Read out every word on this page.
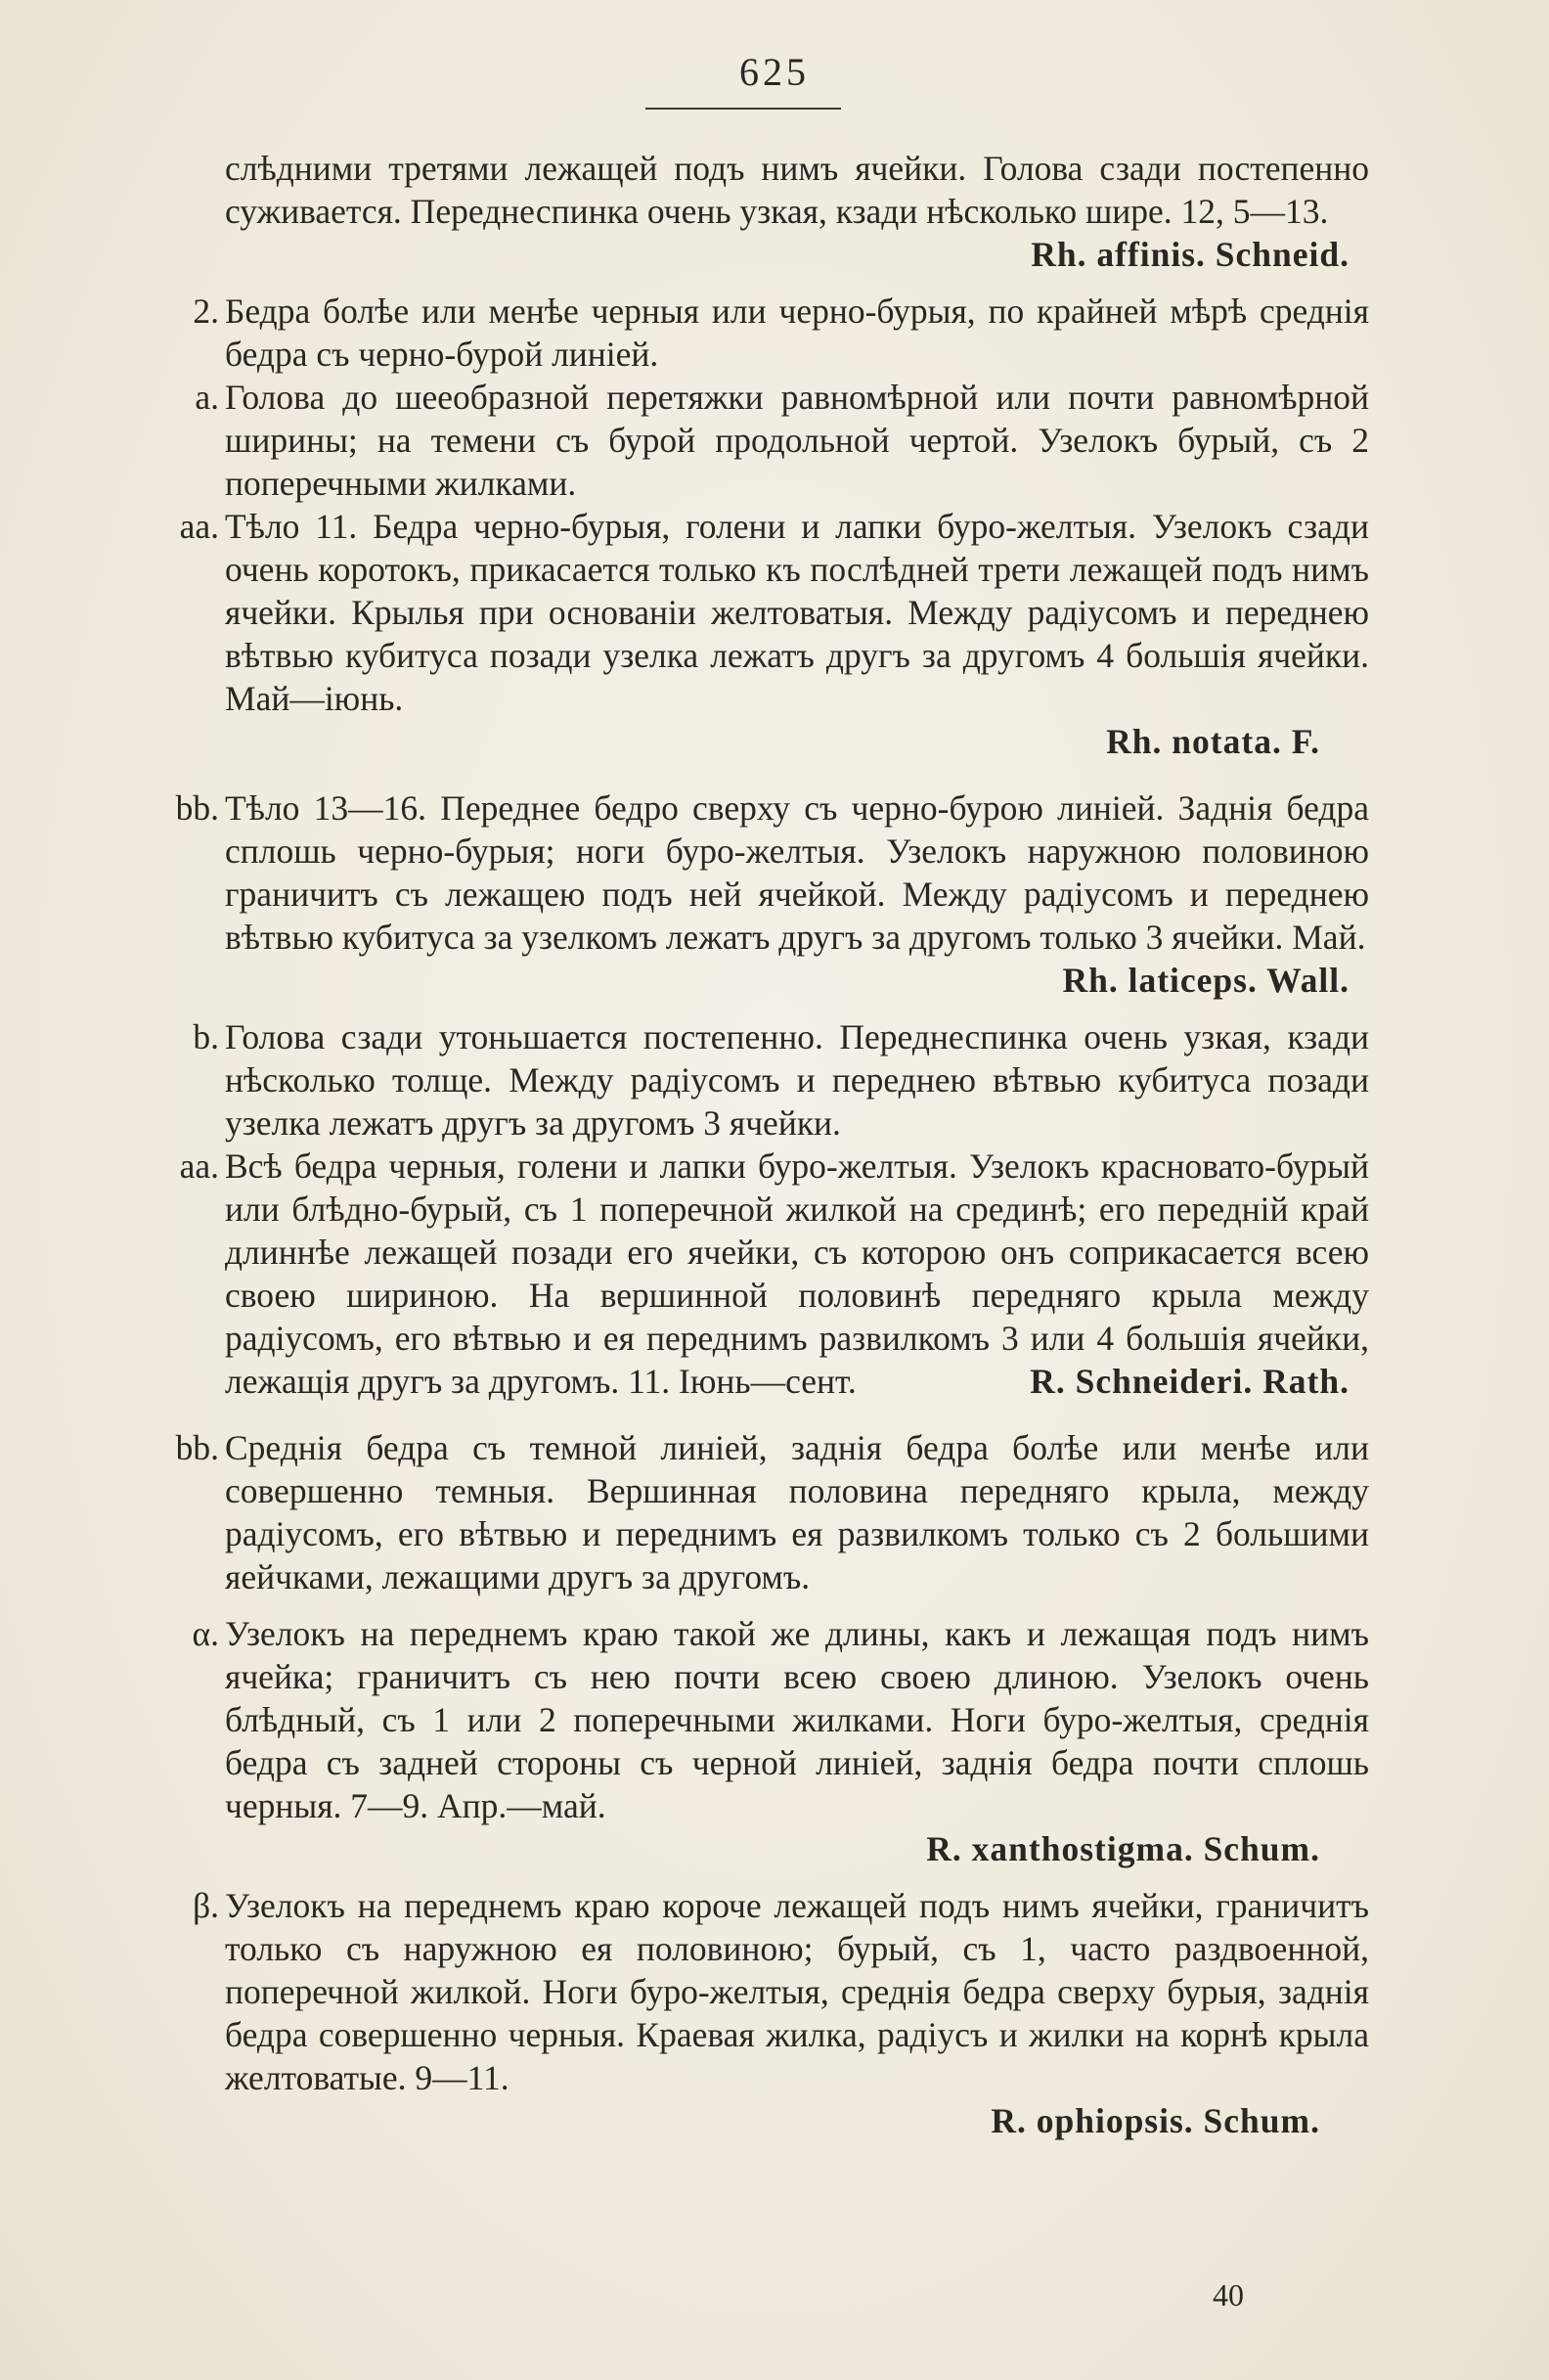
625
слѣдними третями лежащей подъ нимъ ячейки. Голова сзади постепенно суживается. Переднеспинка очень узкая, кзади нѣсколько шире. 12, 5—13.
Rh. affinis. Schneid.
2. Бедра болѣе или менѣе черныя или черно-бурыя, по крайней мѣрѣ среднія бедра съ черно-бурой линіей.
a. Голова до шееобразной перетяжки равномѣрной или почти равномѣрной ширины; на темени съ бурой продольной чертой. Узелокъ бурый, съ 2 поперечными жилками.
aa. Тѣло 11. Бедра черно-бурыя, голени и лапки буро-желтыя. Узелокъ сзади очень коротокъ, прикасается только къ послѣдней трети лежащей подъ нимъ ячейки. Крылья при основаніи желтоватыя. Между радіусомъ и переднею вѣтвью кубитуса позади узелка лежатъ другъ за другомъ 4 большія ячейки. Май—іюнь.
Rh. notata. F.
bb. Тѣло 13—16. Переднее бедро сверху съ черно-бурою линіей. Заднія бедра сплошь черно-бурыя; ноги буро-желтыя. Узелокъ наружною половиною граничитъ съ лежащею подъ ней ячейкой. Между радіусомъ и переднею вѣтвью кубитуса за узелкомъ лежатъ другъ за другомъ только 3 ячейки. Май.
Rh. laticeps. Wall.
b. Голова сзади утоньшается постепенно. Переднеспинка очень узкая, кзади нѣсколько толще. Между радіусомъ и переднею вѣтвью кубитуса позади узелка лежатъ другъ за другомъ 3 ячейки.
aa. Всѣ бедра черныя, голени и лапки буро-желтыя. Узелокъ красновато-бурый или блѣдно-бурый, съ 1 поперечной жилкой на срединѣ; его передній край длиннѣе лежащей позади его ячейки, съ которою онъ соприкасается всею своею шириною. На вершинной половинѣ передняго крыла между радіусомъ, его вѣтвью и ея переднимъ развилкомъ 3 или 4 большія ячейки, лежащія другъ за другомъ. 11. Іюнь—сент.	R. Schneideri. Rath.
bb. Среднія бедра съ темной линіей, заднія бедра болѣе или менѣе или совершенно темныя. Вершинная половина передняго крыла, между радіусомъ, его вѣтвью и переднимъ ея развилкомъ только съ 2 большими яейчками, лежащими другъ за другомъ.
α. Узелокъ на переднемъ краю такой же длины, какъ и лежащая подъ нимъ ячейка; граничитъ съ нею почти всею своею длиною. Узелокъ очень блѣдный, съ 1 или 2 поперечными жилками. Ноги буро-желтыя, среднія бедра съ задней стороны съ черной линіей, заднія бедра почти сплошь черныя. 7—9. Апр.—май.
R. xanthostigma. Schum.
β. Узелокъ на переднемъ краю короче лежащей подъ нимъ ячейки, граничитъ только съ наружною ея половиною; бурый, съ 1, часто раздвоенной, поперечной жилкой. Ноги буро-желтыя, среднія бедра сверху бурыя, заднія бедра совершенно черныя. Краевая жилка, радіусъ и жилки на корнѣ крыла желтоватые. 9—11.
R. ophiopsis. Schum.
40
